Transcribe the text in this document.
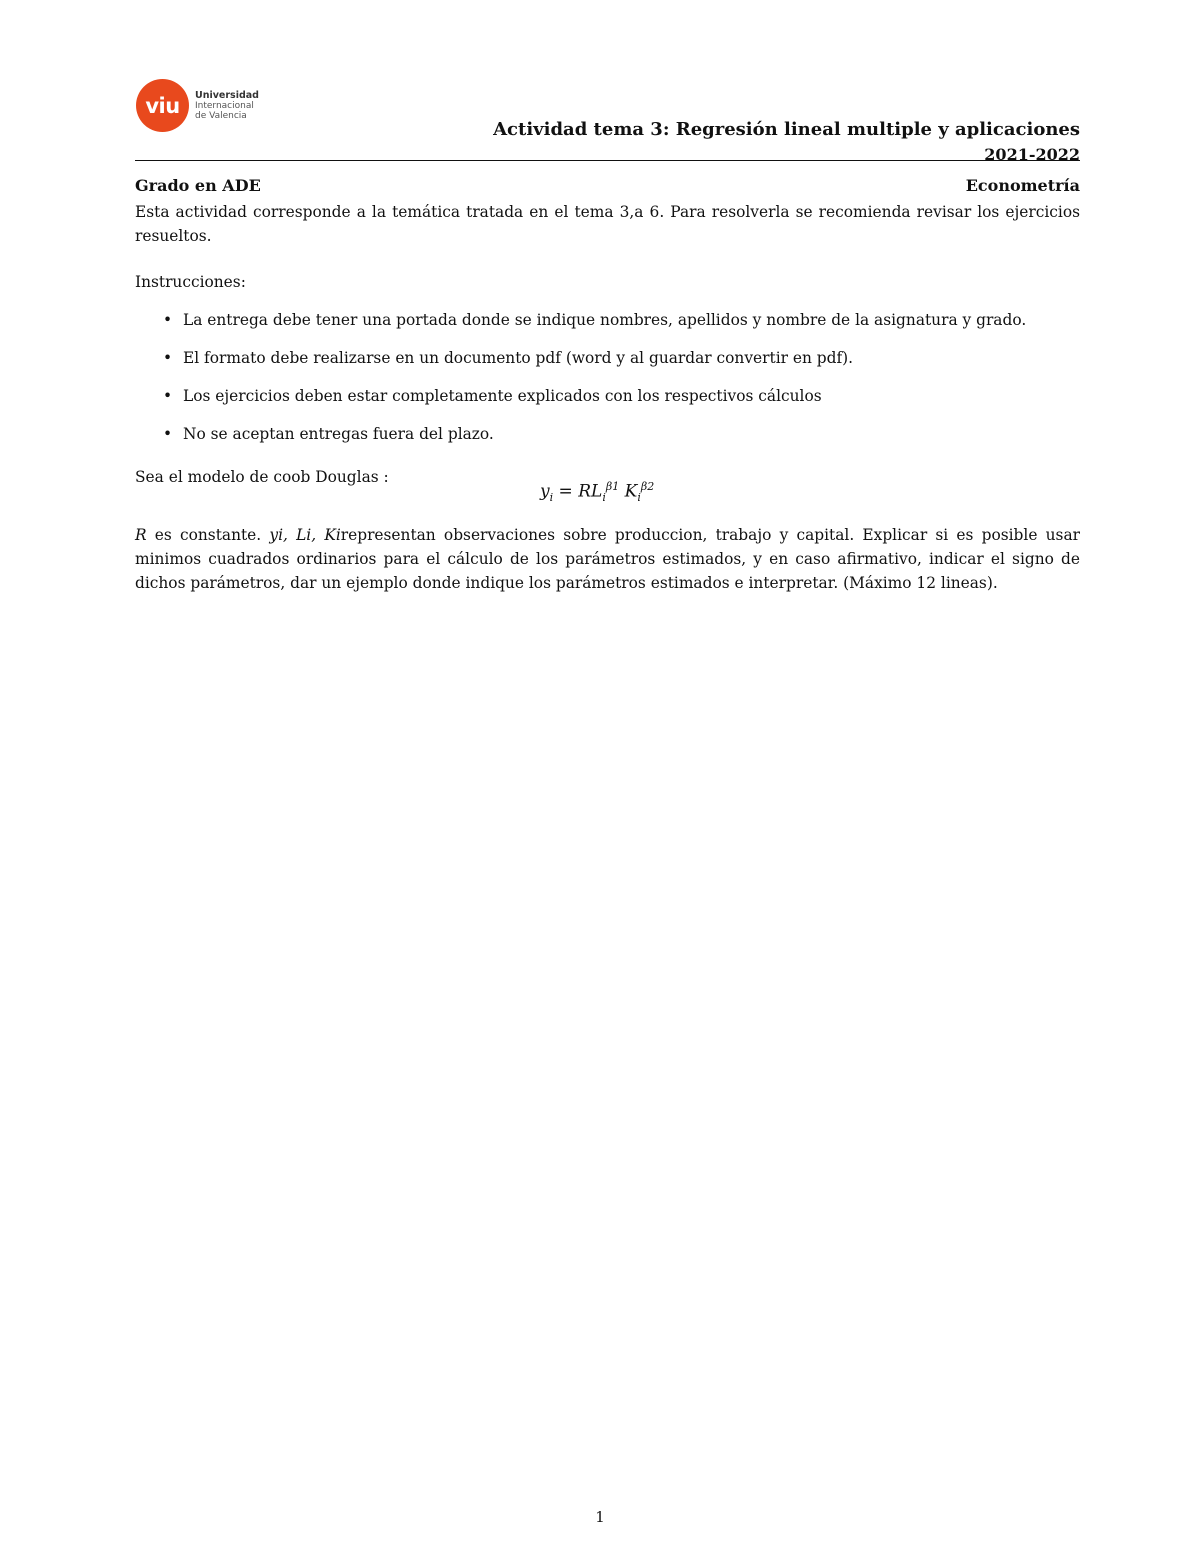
viu	Universidad
Internacional
de Valencia
Actividad tema 3: Regresión lineal multiple y aplicaciones
2021-2022
Grado en ADE	Econometría
Esta actividad corresponde a la temática tratada en el tema 3,a 6. Para resolverla se recomienda revisar los ejercicios resueltos.
Instrucciones:
• La entrega debe tener una portada donde se indique nombres, apellidos y nombre de la asignatura y grado.
• El formato debe realizarse en un documento pdf (word y al guardar convertir en pdf).
• Los ejercicios deben estar completamente explicados con los respectivos cálculos
• No se aceptan entregas fuera del plazo.
Sea el modelo de coob Douglas :
$y_i = RL_i^{\beta 1}$ $K_i^{\beta 2}$
R es constante. yi, Li, Kirepresentan observaciones sobre produccion, trabajo y capital. Explicar si es posible usar minimos cuadrados ordinarios para el cálculo de los parámetros estimados, y en caso afirmativo, indicar el signo de dichos parámetros, dar un ejemplo donde indique los parámetros estimados e interpretar. (Máximo 12 lineas).
1
